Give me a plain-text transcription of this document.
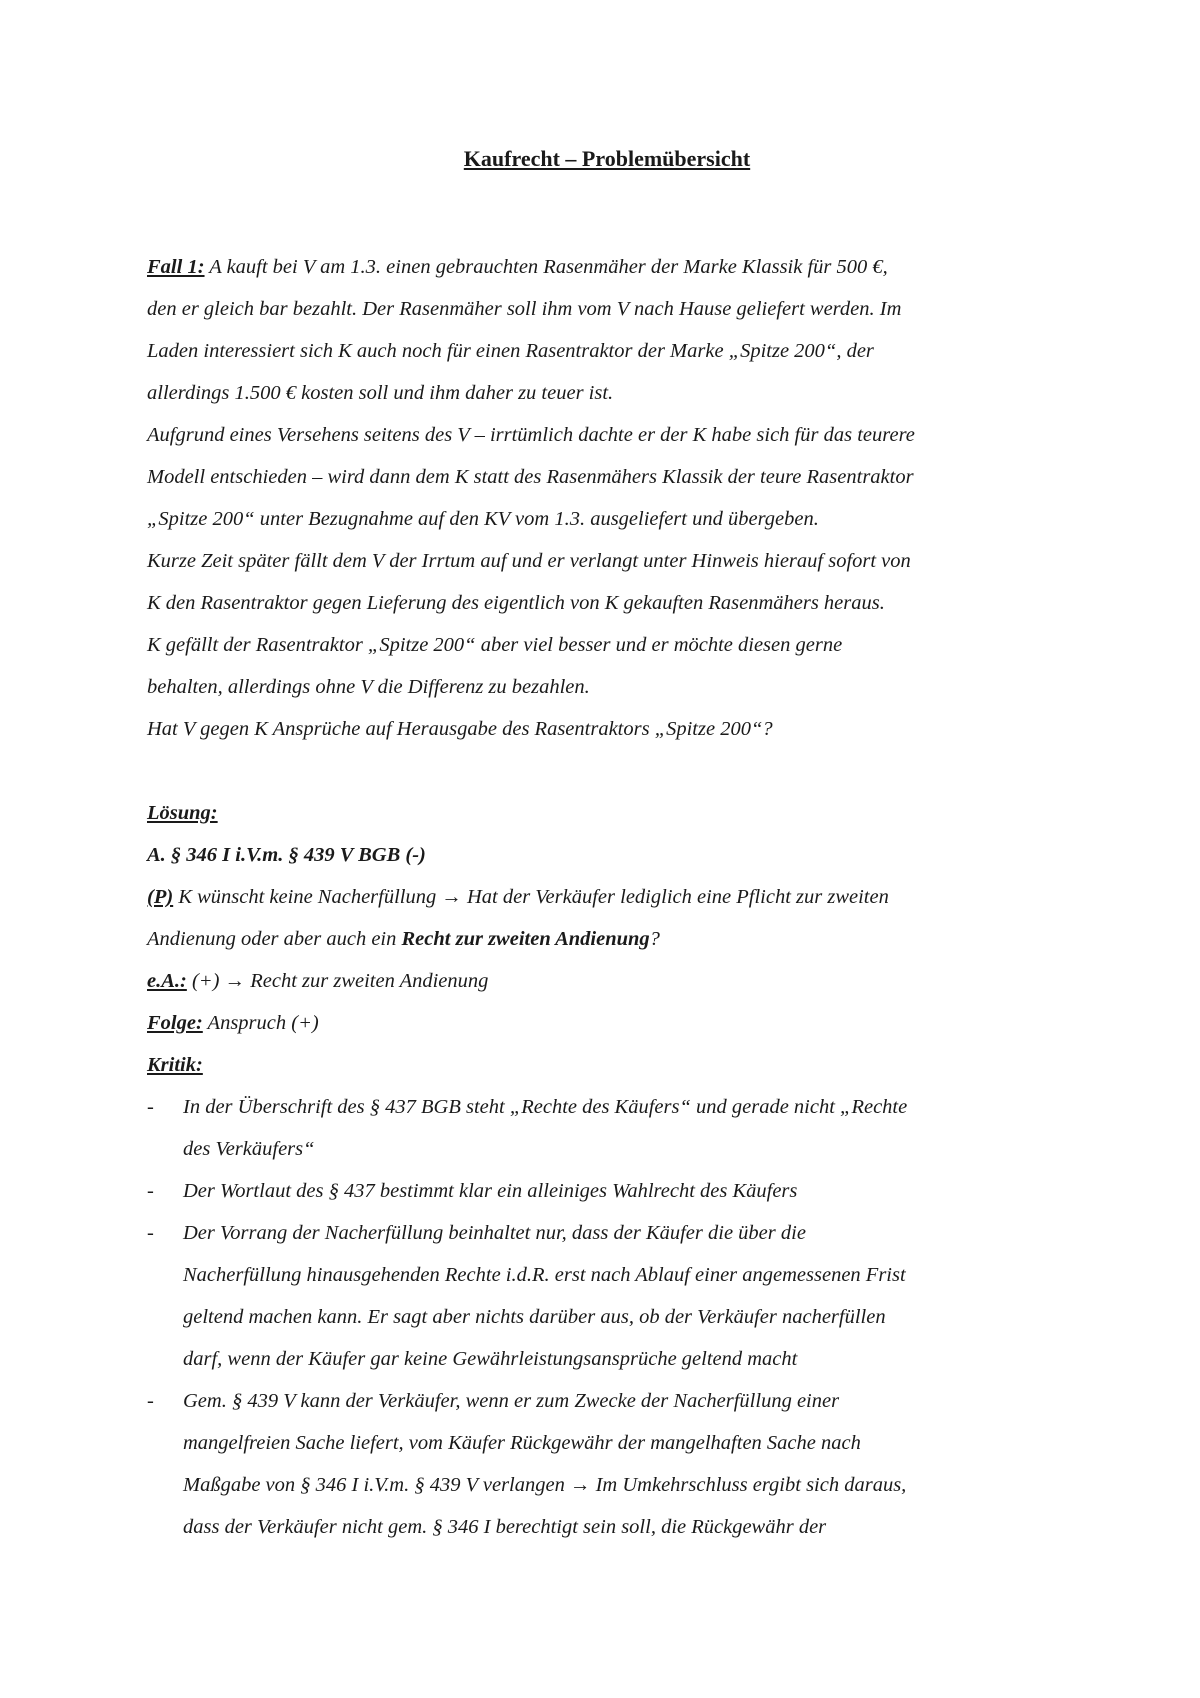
Kaufrecht – Problemübersicht

Fall 1: A kauft bei V am 1.3. einen gebrauchten Rasenmäher der Marke Klassik für 500 €,

den er gleich bar bezahlt. Der Rasenmäher soll ihm vom V nach Hause geliefert werden. Im

Laden interessiert sich K auch noch für einen Rasentraktor der Marke „Spitze 200“, der

allerdings 1.500 € kosten soll und ihm daher zu teuer ist.

Aufgrund eines Versehens seitens des V – irrtümlich dachte er der K habe sich für das teurere

Modell entschieden – wird dann dem K statt des Rasenmähers Klassik der teure Rasentraktor

„Spitze 200“ unter Bezugnahme auf den KV vom 1.3. ausgeliefert und übergeben.

Kurze Zeit später fällt dem V der Irrtum auf und er verlangt unter Hinweis hierauf sofort von

K den Rasentraktor gegen Lieferung des eigentlich von K gekauften Rasenmähers heraus.

K gefällt der Rasentraktor „Spitze 200“ aber viel besser und er möchte diesen gerne

behalten, allerdings ohne V die Differenz zu bezahlen.

Hat V gegen K Ansprüche auf Herausgabe des Rasentraktors „Spitze 200“?

Lösung:

A. § 346 I i.V.m. § 439 V BGB (-)

(P) K wünscht keine Nacherfüllung → Hat der Verkäufer lediglich eine Pflicht zur zweiten

Andienung oder aber auch ein Recht zur zweiten Andienung?

e.A.: (+) → Recht zur zweiten Andienung

Folge: Anspruch (+)

Kritik:

- In der Überschrift des § 437 BGB steht „Rechte des Käufers“ und gerade nicht „Rechte
des Verkäufers“
- Der Wortlaut des § 437 bestimmt klar ein alleiniges Wahlrecht des Käufers
- Der Vorrang der Nacherfüllung beinhaltet nur, dass der Käufer die über die
Nacherfüllung hinausgehenden Rechte i.d.R. erst nach Ablauf einer angemessenen Frist
geltend machen kann. Er sagt aber nichts darüber aus, ob der Verkäufer nacherfüllen
darf, wenn der Käufer gar keine Gewährleistungsansprüche geltend macht
- Gem. § 439 V kann der Verkäufer, wenn er zum Zwecke der Nacherfüllung einer
mangelfreien Sache liefert, vom Käufer Rückgewähr der mangelhaften Sache nach
Maßgabe von § 346 I i.V.m. § 439 V verlangen → Im Umkehrschluss ergibt sich daraus,
dass der Verkäufer nicht gem. § 346 I berechtigt sein soll, die Rückgewähr der
